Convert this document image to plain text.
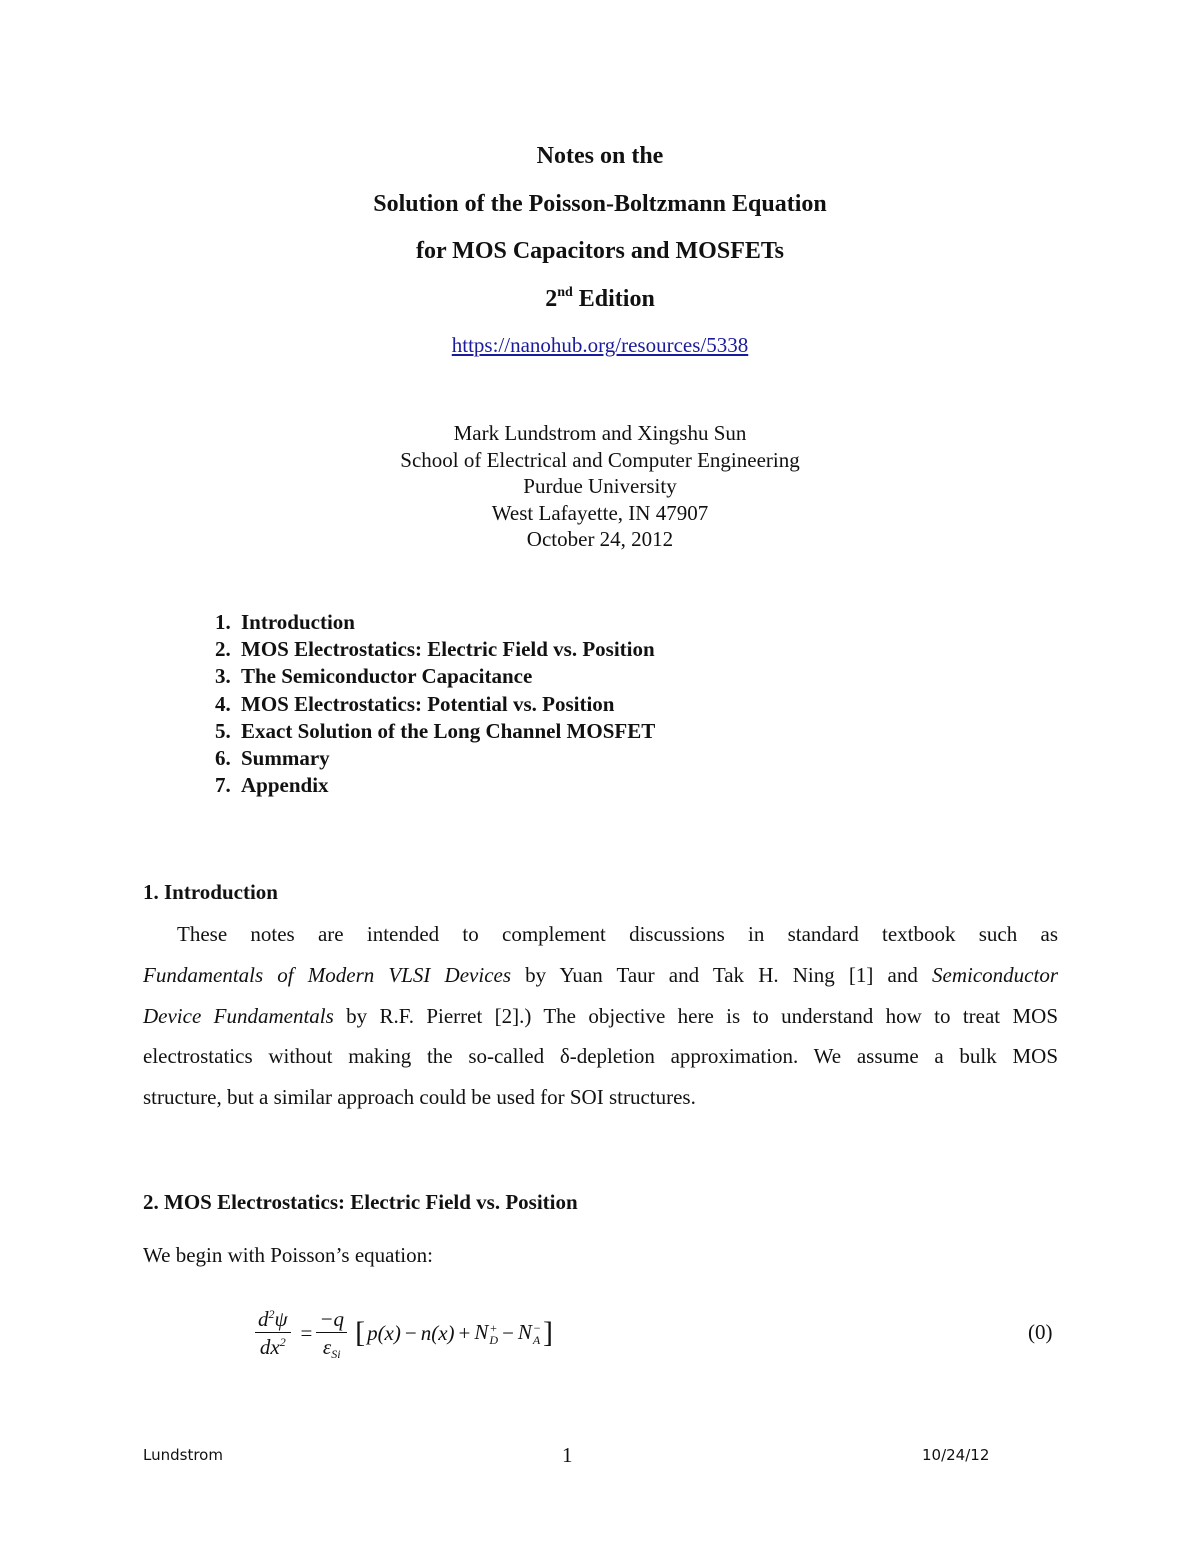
Notes on the
Solution of the Poisson-Boltzmann Equation
for MOS Capacitors and MOSFETs
2nd Edition
https://nanohub.org/resources/5338
Mark Lundstrom and Xingshu Sun
School of Electrical and Computer Engineering
Purdue University
West Lafayette, IN 47907
October 24, 2012
1. Introduction
2. MOS Electrostatics: Electric Field vs. Position
3. The Semiconductor Capacitance
4. MOS Electrostatics: Potential vs. Position
5. Exact Solution of the Long Channel MOSFET
6. Summary
7. Appendix
1. Introduction
These notes are intended to complement discussions in standard textbook such as
Fundamentals of Modern VLSI Devices by Yuan Taur and Tak H. Ning [1] and Semiconductor
Device Fundamentals by R.F. Pierret [2].) The objective here is to understand how to treat MOS
electrostatics without making the so-called δ-depletion approximation. We assume a bulk MOS
structure, but a similar approach could be used for SOI structures.
2. MOS Electrostatics: Electric Field vs. Position
We begin with Poisson’s equation:
$\frac{d^2\psi}{dx^2} = \frac{-q}{\varepsilon_{Si}}$ [ p(x) − n(x) + N +
D − N −
A ]	(0)
Lundstrom	1	10/24/12
